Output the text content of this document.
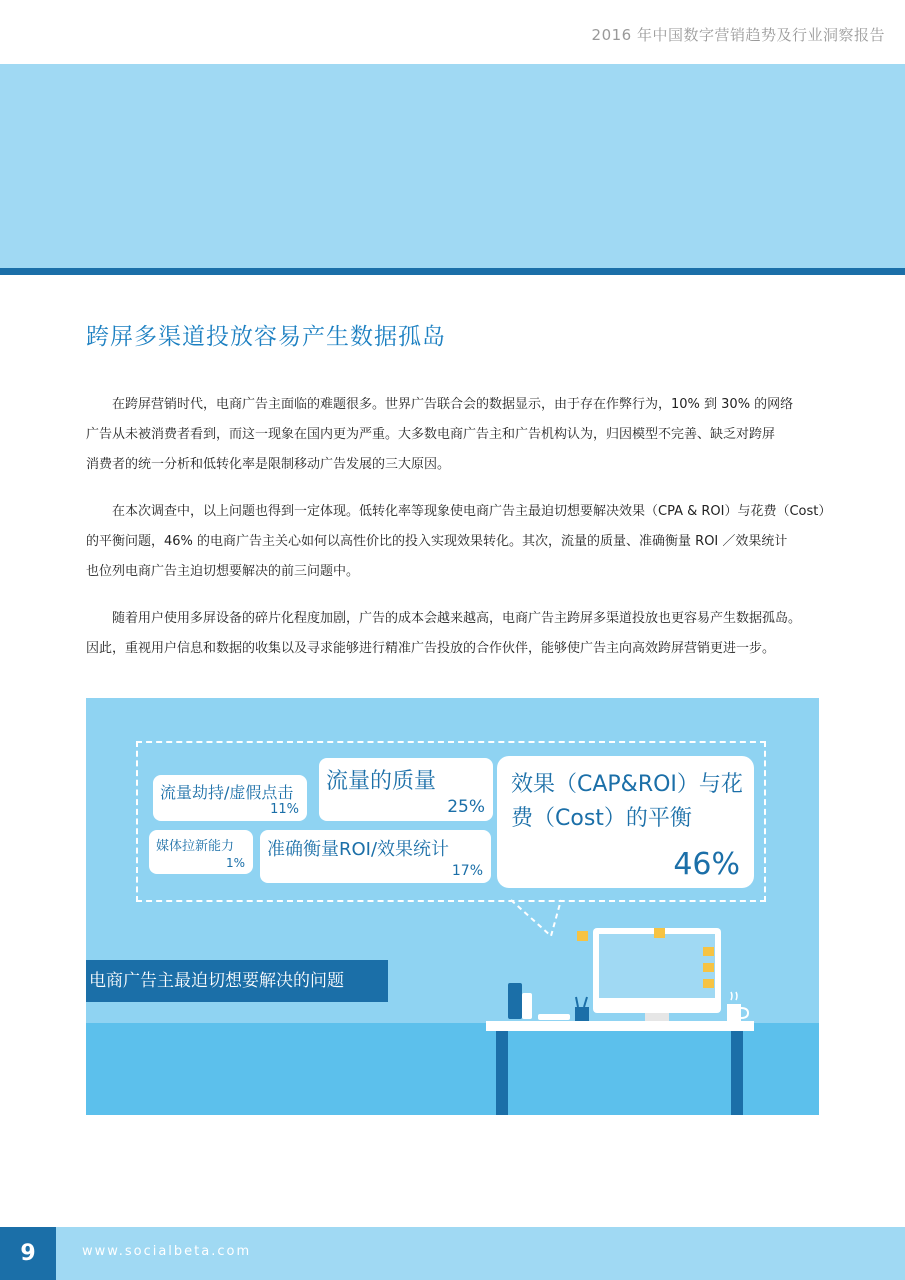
2016 年中国数字营销趋势及行业洞察报告
跨屏多渠道投放容易产生数据孤岛

在跨屏营销时代，电商广告主面临的难题很多。世界广告联合会的数据显示，由于存在作弊行为，10% 到 30% 的网络

广告从未被消费者看到，而这一现象在国内更为严重。大多数电商广告主和广告机构认为，归因模型不完善、缺乏对跨屏

消费者的统一分析和低转化率是限制移动广告发展的三大原因。

在本次调查中，以上问题也得到一定体现。低转化率等现象使电商广告主最迫切想要解决效果（CPA & ROI）与花费（Cost）

的平衡问题，46% 的电商广告主关心如何以高性价比的投入实现效果转化。其次，流量的质量、准确衡量 ROI ／效果统计

也位列电商广告主迫切想要解决的前三问题中。

随着用户使用多屏设备的碎片化程度加剧，广告的成本会越来越高，电商广告主跨屏多渠道投放也更容易产生数据孤岛。

因此，重视用户信息和数据的收集以及寻求能够进行精准广告投放的合作伙伴，能够使广告主向高效跨屏营销更进一步。

流量劫持/虚假点击
11%
流量的质量
25%
媒体拉新能力
1%
准确衡量ROI/效果统计
17%
效果（CAP&ROI）与花费（Cost）的平衡
46%
电商广告主最迫切想要解决的问题
9	www.socialbeta.com
